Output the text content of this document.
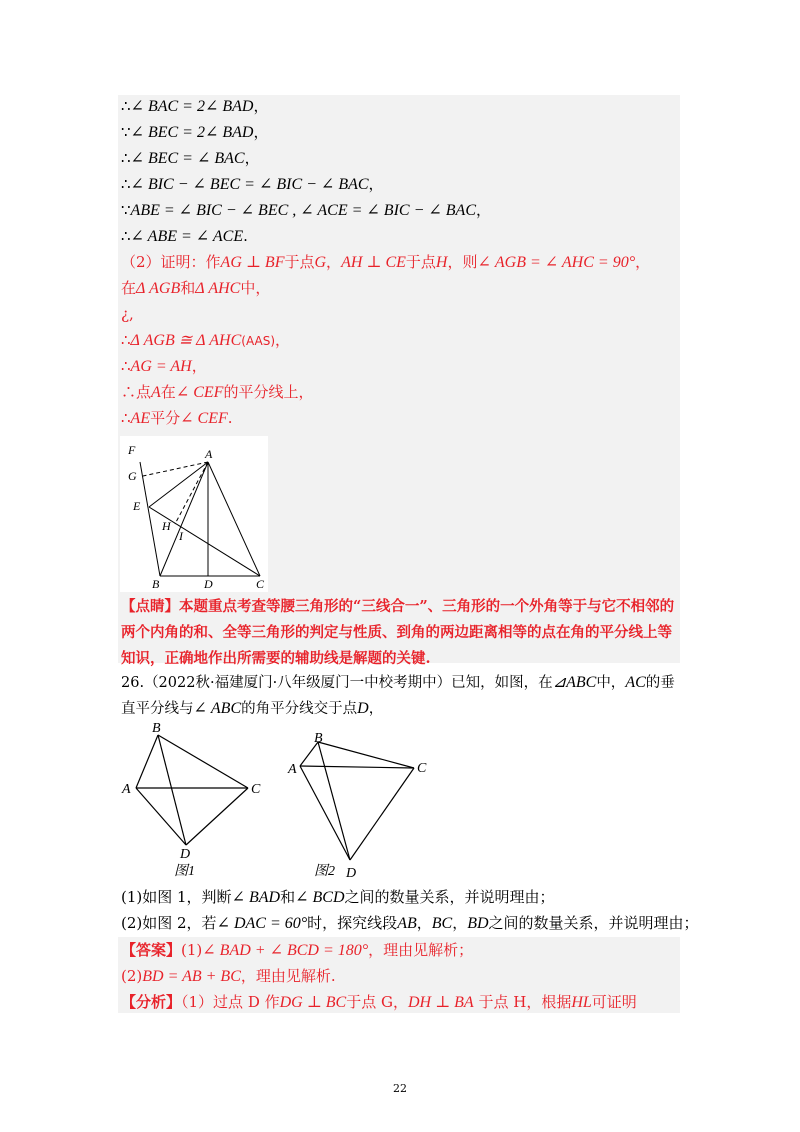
∴∠ BAC = 2∠ BAD，
∵∠ BEC = 2∠ BAD，
∴∠ BEC = ∠ BAC，
∴∠ BIC − ∠ BEC = ∠ BIC − ∠ BAC，
∵ABE = ∠ BIC − ∠ BEC , ∠ ACE = ∠ BIC − ∠ BAC，
∴∠ ABE = ∠ ACE.
（2）证明：作AG ⊥ BF于点G，AH ⊥ CE于点H，则∠ AGB = ∠ AHC = 90°，
在Δ AGB和Δ AHC中，
¿,
∴Δ AGB ≅ Δ AHC(AAS)，
∴AG = AH，
∴点A在∠ CEF的平分线上，
∴AE平分∠ CEF.
F
G
E
A
H
I
B	D	C
【点睛】本题重点考查等腰三角形的“三线合一”、三角形的一个外角等于与它不相邻的两个内角的和、全等三角形的判定与性质、到角的两边距离相等的点在角的平分线上等知识，正确地作出所需要的辅助线是解题的关键.
26.（2022秋·福建厦门·八年级厦门一中校考期中）已知，如图，在⊿ABC中，AC的垂直平分线与∠ ABC的角平分线交于点D，
B
A	C
D
图1
B
A	C
D
图2
(1)如图 1，判断∠ BAD和∠ BCD之间的数量关系，并说明理由；
(2)如图 2，若∠ DAC = 60°时，探究线段AB，BC，BD之间的数量关系，并说明理由；
【答案】(1)∠ BAD + ∠ BCD = 180°，理由见解析；
(2)BD = AB + BC，理由见解析.
【分析】（1）过点 D 作DG ⊥ BC于点 G，DH ⊥ BA 于点 H，根据HL可证明
22
